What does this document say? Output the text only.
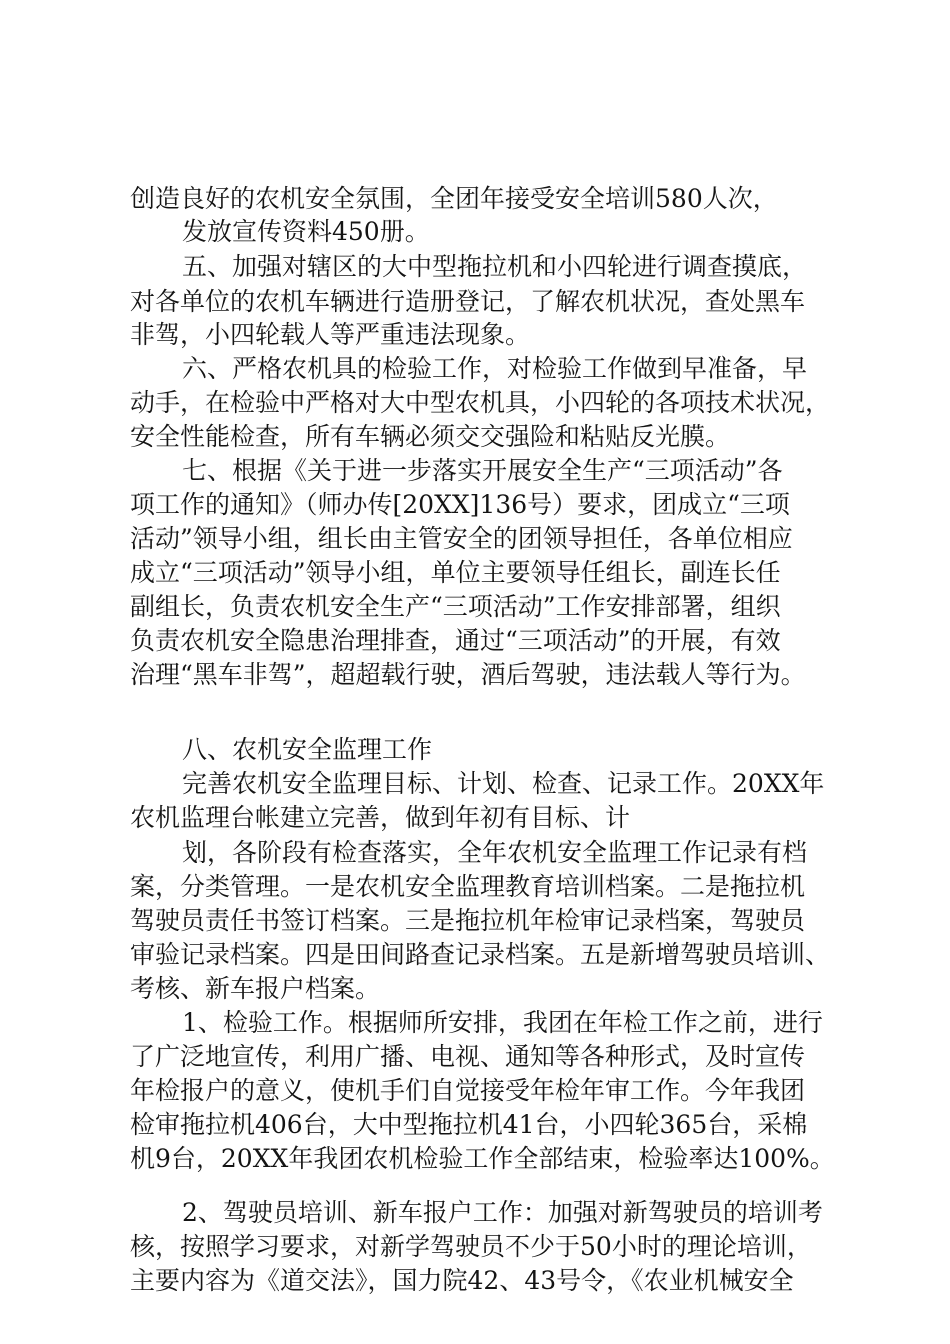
创造良好的农机安全氛围，全团年接受安全培训580人次，
发放宣传资料450册。
五、加强对辖区的大中型拖拉机和小四轮进行调查摸底，
对各单位的农机车辆进行造册登记，了解农机状况，查处黑车
非驾，小四轮载人等严重违法现象。
六、严格农机具的检验工作，对检验工作做到早准备，早
动手，在检验中严格对大中型农机具，小四轮的各项技术状况，
安全性能检查，所有车辆必须交交强险和粘贴反光膜。
七、根据《关于进一步落实开展安全生产“三项活动”各
项工作的通知》（师办传[20XX]136号）要求，团成立“三项
活动”领导小组，组长由主管安全的团领导担任，各单位相应
成立“三项活动”领导小组，单位主要领导任组长，副连长任
副组长，负责农机安全生产“三项活动”工作安排部署，组织
负责农机安全隐患治理排查，通过“三项活动”的开展，有效
治理“黑车非驾”，超超载行驶，酒后驾驶，违法载人等行为。
八、农机安全监理工作
完善农机安全监理目标、计划、检查、记录工作。20XX年
农机监理台帐建立完善，做到年初有目标、计
划，各阶段有检查落实，全年农机安全监理工作记录有档
案，分类管理。一是农机安全监理教育培训档案。二是拖拉机
驾驶员责任书签订档案。三是拖拉机年检审记录档案，驾驶员
审验记录档案。四是田间路查记录档案。五是新增驾驶员培训、
考核、新车报户档案。
1、检验工作。根据师所安排，我团在年检工作之前，进行
了广泛地宣传，利用广播、电视、通知等各种形式，及时宣传
年检报户的意义，使机手们自觉接受年检年审工作。今年我团
检审拖拉机406台，大中型拖拉机41台，小四轮365台，采棉
机9台，20XX年我团农机检验工作全部结束，检验率达100%。
2、驾驶员培训、新车报户工作：加强对新驾驶员的培训考
核，按照学习要求，对新学驾驶员不少于50小时的理论培训，
主要内容为《道交法》，国力院42、43号令，《农业机械安全
